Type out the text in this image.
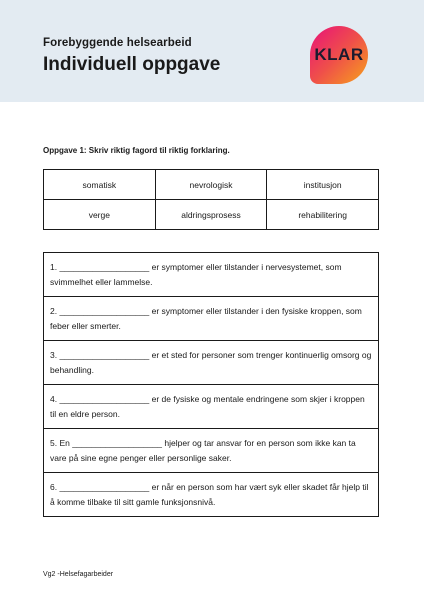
Forebyggende helsearbeid
Individuell oppgave	KLAR
Oppgave 1: Skriv riktig fagord til riktig forklaring.
somatisk	nevrologisk	institusjon
verge	aldringsprosess	rehabilitering
1. ___________________ er symptomer eller tilstander i nervesystemet, som svimmelhet eller lammelse.
2. ___________________ er symptomer eller tilstander i den fysiske kroppen, som feber eller smerter.
3. ___________________ er et sted for personer som trenger kontinuerlig omsorg og behandling.
4. ___________________ er de fysiske og mentale endringene som skjer i kroppen til en eldre person.
5. En ___________________ hjelper og tar ansvar for en person som ikke kan ta vare på sine egne penger eller personlige saker.
6. ___________________ er når en person som har vært syk eller skadet får hjelp til å komme tilbake til sitt gamle funksjonsnivå.
Vg2 -Helsefagarbeider
